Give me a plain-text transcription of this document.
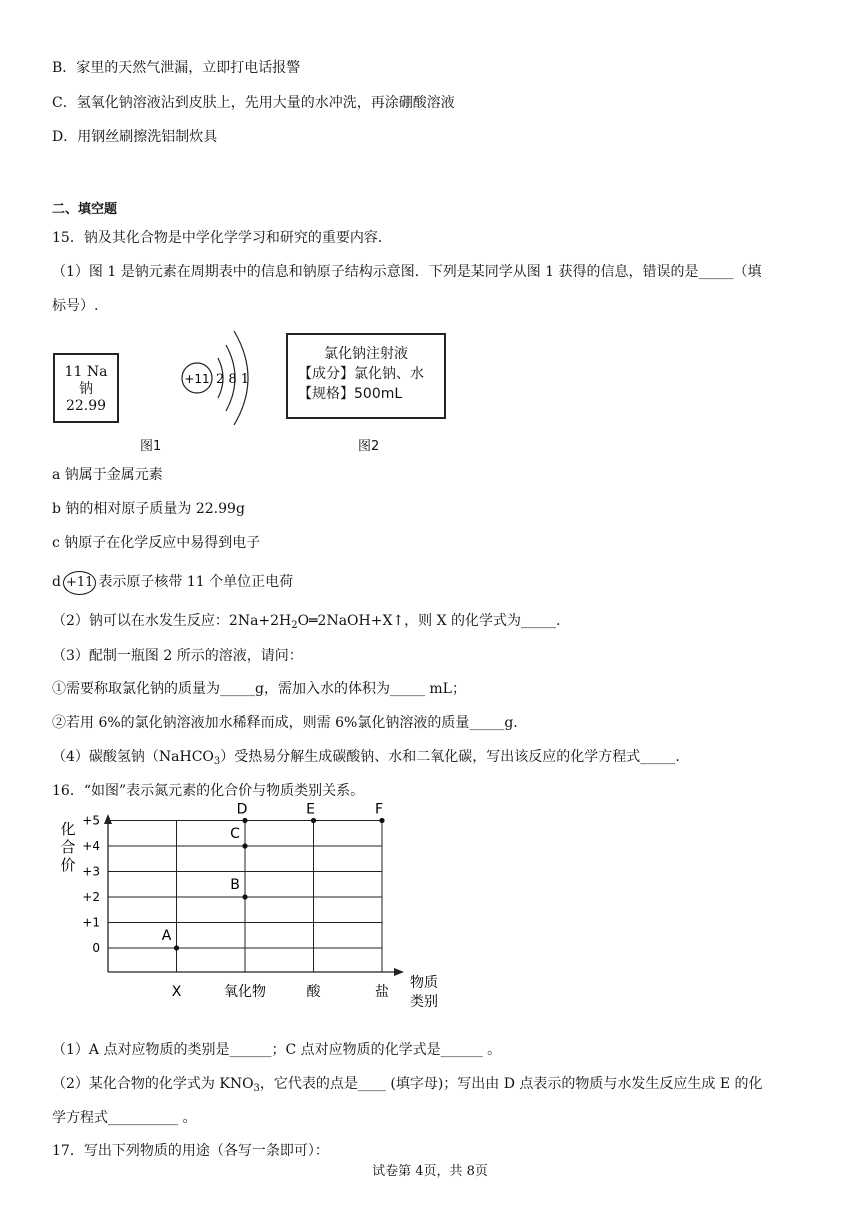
B．家里的天然气泄漏，立即打电话报警
C．氢氧化钠溶液沾到皮肤上，先用大量的水冲洗，再涂硼酸溶液
D．用钢丝刷擦洗铝制炊具
二、填空题
15．钠及其化合物是中学化学学习和研究的重要内容．
（1）图 1 是钠元素在周期表中的信息和钠原子结构示意图．下列是某同学从图 1 获得的信息，错误的是_____（填
标号）.
11 Na
钠
22.99
+11 2 8 1
图1
氯化钠注射液
【成分】氯化钠、水
【规格】500mL
图2
a 钠属于金属元素
b 钠的相对原子质量为 22.99g
c 钠原子在化学反应中易得到电子
d +11 表示原子核带 11 个单位正电荷
（2）钠可以在水发生反应：$2Na+2H_2O═2NaOH+X↑$，则 X 的化学式为_____.
（3）配制一瓶图 2 所示的溶液，请问：
①需要称取氯化钠的质量为_____g，需加入水的体积为_____ mL；
②若用 6%的氯化钠溶液加水稀释而成，则需 6%氯化钠溶液的质量_____g.
（4）碳酸氢钠（NaHCO$_3$）受热易分解生成碳酸钠、水和二氧化碳，写出该反应的化学方程式_____.
16．“如图”表示氮元素的化合价与物质类别关系。
化
合
价
物质
类别
+5
+4
+3
+2
+1
0
X	氧化物	酸	盐
A
B
C
D	E	F
（1）A 点对应物质的类别是______；C 点对应物质的化学式是______ 。
（2）某化合物的化学式为 $KNO_3$，它代表的点是____ (填字母)；写出由 D 点表示的物质与水发生反应生成 E 的化
学方程式__________ 。
17．写出下列物质的用途（各写一条即可）：
试卷第 4页，共 8页
